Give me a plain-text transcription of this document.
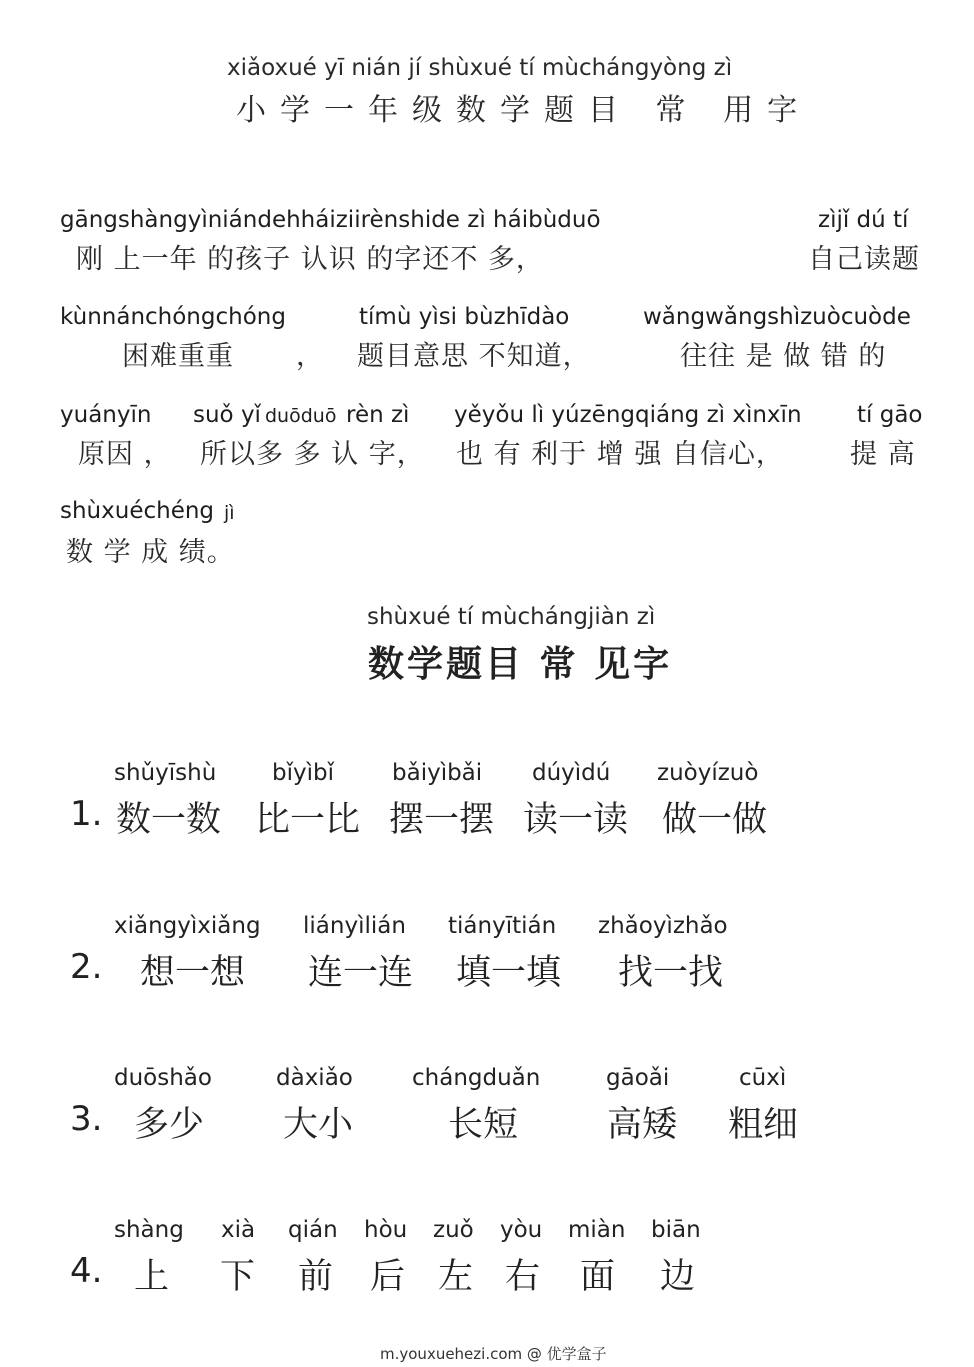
xiǎoxué yī nián jí shùxué tí mùchángyòng zì
小学一年级数学题目 常 用字
gāngshàngyìniándehháiziirènshide zì háibùduō	zìjǐ dú tí
刚 上一年 的孩子 认识 的字还不 多，	自己读题
kùnnánchóngchóng	tímù yìsi bùzhīdào	wǎngwǎngshìzuòcuòde
困难重重 ， 题目意思 不知道，	往往 是 做 错 的
yuányīn suǒ yǐ duōduō rèn zì yěyǒu lì yúzēngqiáng zì xìnxīn tí gāo
原因 ， 所以多 多 认 字， 也 有 利于 增 强 自信心， 提 高
shùxuéchéng jì
数 学 成 绩。
shùxué tí mùchángjiàn zì
数学题目 常 见字
1.
shǔyīshù
数一数
bǐyìbǐ
比一比
bǎiyìbǎi
摆一摆
dúyìdú
读一读
zuòyízuò
做一做
2.
xiǎngyìxiǎng
想一想
liányìlián
连一连
tiányītián
填一填
zhǎoyìzhǎo
找一找
3.
duōshǎo
多少
dàxiǎo
大小
chángduǎn
长短
gāoǎi
高矮
cūxì
粗细
4.
shàng
上
xià
下
qián
前
hòu
后
zuǒ
左
yòu
右
miàn
面
biān
边
m.youxuehezi.com @ 优学盒子
